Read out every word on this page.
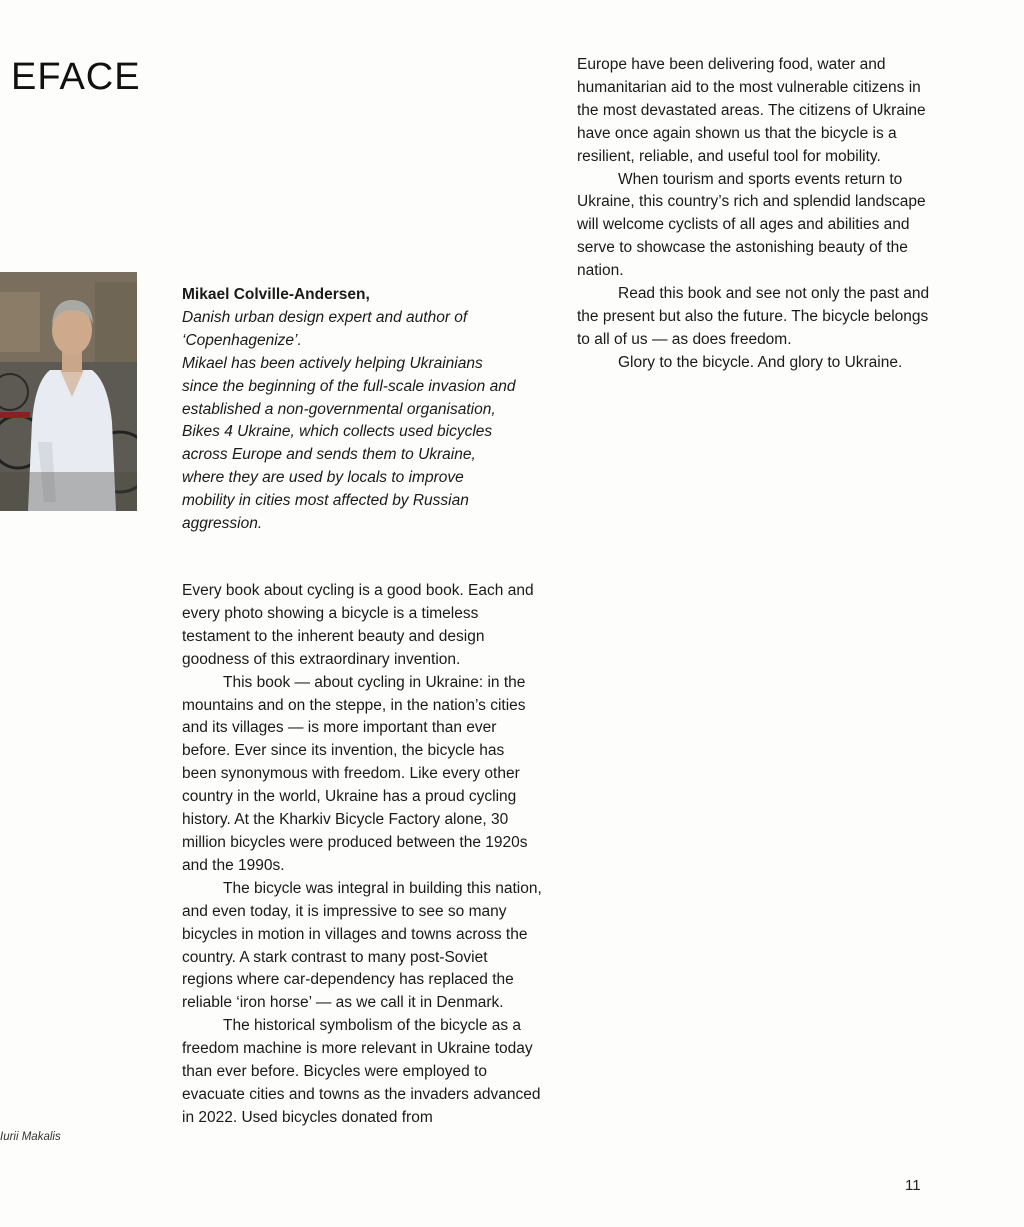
EFACE
Mikael Colville-Andersen,
Danish urban design expert and author of
‘Copenhagenize’.
Mikael has been actively helping Ukrainians
since the beginning of the full-scale invasion and
established a non-governmental organisation,
Bikes 4 Ukraine, which collects used bicycles
across Europe and sends them to Ukraine,
where they are used by locals to improve
mobility in cities most affected by Russian
aggression.

Every book about cycling is a good book. Each and every photo showing a bicycle is a timeless testament to the inherent beauty and design goodness of this extraordinary invention.

This book — about cycling in Ukraine: in the mountains and on the steppe, in the nation’s cities and its villages — is more important than ever before. Ever since its invention, the bicycle has been synonymous with freedom. Like every other country in the world, Ukraine has a proud cycling history. At the Kharkiv Bicycle Factory alone, 30 million bicycles were produced between the 1920s and the 1990s.

The bicycle was integral in building this nation, and even today, it is impressive to see so many bicycles in motion in villages and towns across the country. A stark contrast to many post-Soviet regions where car-dependency has replaced the reliable ‘iron horse’ — as we call it in Denmark.

The historical symbolism of the bicycle as a freedom machine is more relevant in Ukraine today than ever before. Bicycles were employed to evacuate cities and towns as the invaders advanced in 2022. Used bicycles donated from

Europe have been delivering food, water and humanitarian aid to the most vulnerable citizens in the most devastated areas. The citizens of Ukraine have once again shown us that the bicycle is a resilient, reliable, and useful tool for mobility.

When tourism and sports events return to Ukraine, this country’s rich and splendid landscape will welcome cyclists of all ages and abilities and serve to showcase the astonishing beauty of the nation.

Read this book and see not only the past and the present but also the future. The bicycle belongs to all of us — as does freedom.

Glory to the bicycle. And glory to Ukraine.

Iurii Makalis
11
